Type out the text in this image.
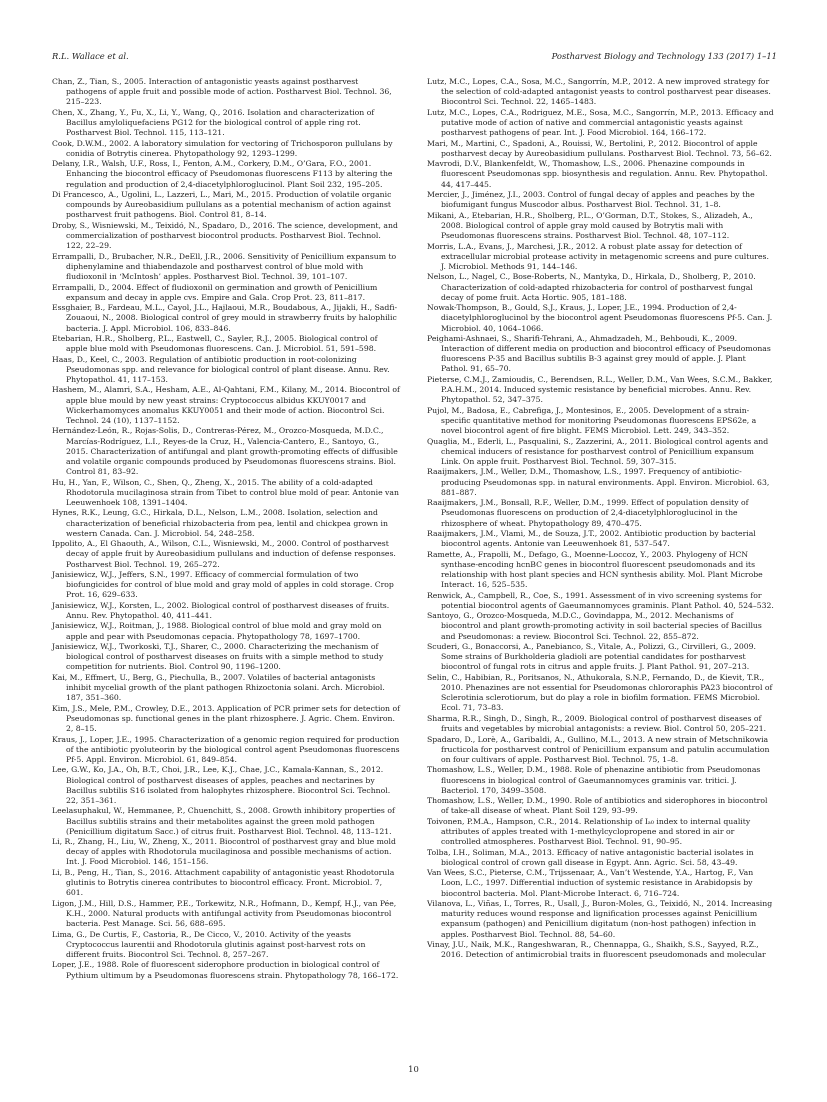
R.L. Wallace et al.	Postharvest Biology and Technology 133 (2017) 1–11

Chan, Z., Tian, S., 2005. Interaction of antagonistic yeasts against postharvest pathogens of apple fruit and possible mode of action. Postharvest Biol. Technol. 36, 215–223.

Chen, X., Zhang, Y., Fu, X., Li, Y., Wang, Q., 2016. Isolation and characterization of Bacillus amyloliquefaciens PG12 for the biological control of apple ring rot. Postharvest Biol. Technol. 115, 113–121.

Cook, D.W.M., 2002. A laboratory simulation for vectoring of Trichosporon pullulans by conidia of Botrytis cinerea. Phytopathology 92, 1293–1299.

Delany, I.R., Walsh, U.F., Ross, I., Fenton, A.M., Corkery, D.M., O’Gara, F.O., 2001. Enhancing the biocontrol efficacy of Pseudomonas fluorescens F113 by altering the regulation and production of 2,4-diacetylphloroglucinol. Plant Soil 232, 195–205.

Di Francesco, A., Ugolini, L., Lazzeri, L., Mari, M., 2015. Production of volatile organic compounds by Aureobasidium pullulans as a potential mechanism of action against postharvest fruit pathogens. Biol. Control 81, 8–14.

Droby, S., Wisniewski, M., Teixidó, N., Spadaro, D., 2016. The science, development, and commercialization of postharvest biocontrol products. Postharvest Biol. Technol. 122, 22–29.

Errampalli, D., Brubacher, N.R., DeEll, J.R., 2006. Sensitivity of Penicillium expansum to diphenylamine and thiabendazole and postharvest control of blue mold with fludioxonil in ‘McIntosh’ apples. Postharvest Biol. Technol. 39, 101–107.

Errampalli, D., 2004. Effect of fludioxonil on germination and growth of Penicillium expansum and decay in apple cvs. Empire and Gala. Crop Prot. 23, 811–817.

Essghaier, B., Fardeau, M.L., Cayol, J.L., Hajlaoui, M.R., Boudabous, A., Jijakli, H., Sadfi-Zouaoui, N., 2008. Biological control of grey mould in strawberry fruits by halophilic bacteria. J. Appl. Microbiol. 106, 833–846.

Etebarian, H.R., Sholberg, P.L., Eastwell, C., Sayler, R.J., 2005. Biological control of apple blue mold with Pseudomonas fluorescens. Can. J. Microbiol. 51, 591–598.

Haas, D., Keel, C., 2003. Regulation of antibiotic production in root-colonizing Pseudomonas spp. and relevance for biological control of plant disease. Annu. Rev. Phytopathol. 41, 117–153.

Hashem, M., Alamri, S.A., Hesham, A.E., Al-Qahtani, F.M., Kilany, M., 2014. Biocontrol of apple blue mould by new yeast strains: Cryptococcus albidus KKUY0017 and Wickerhamomyces anomalus KKUY0051 and their mode of action. Biocontrol Sci. Technol. 24 (10), 1137–1152.

Hernández-León, R., Rojas-Solis, D., Contreras-Pérez, M., Orozco-Mosqueda, M.D.C., Marcías-Rodríguez, L.I., Reyes-de la Cruz, H., Valencia-Cantero, E., Santoyo, G., 2015. Characterization of antifungal and plant growth-promoting effects of diffusible and volatile organic compounds produced by Pseudomonas fluorescens strains. Biol. Control 81, 83–92.

Hu, H., Yan, F., Wilson, C., Shen, Q., Zheng, X., 2015. The ability of a cold-adapted Rhodotorula mucilaginosa strain from Tibet to control blue mold of pear. Antonie van Leeuwenhoek 108, 1391–1404.

Hynes, R.K., Leung, G.C., Hirkala, D.L., Nelson, L.M., 2008. Isolation, selection and characterization of beneficial rhizobacteria from pea, lentil and chickpea grown in western Canada. Can. J. Microbiol. 54, 248–258.

Ippolito, A., El Ghaouth, A., Wilson, C.L., Wisniewski, M., 2000. Control of postharvest decay of apple fruit by Aureobasidium pullulans and induction of defense responses. Postharvest Biol. Technol. 19, 265–272.

Janisiewicz, W.J., Jeffers, S.N., 1997. Efficacy of commercial formulation of two biofungicides for control of blue mold and gray mold of apples in cold storage. Crop Prot. 16, 629–633.

Janisiewicz, W.J., Korsten, L., 2002. Biological control of postharvest diseases of fruits. Annu. Rev. Phytopathol. 40, 411–441.

Janisiewicz, W.J., Roitman, J., 1988. Biological control of blue mold and gray mold on apple and pear with Pseudomonas cepacia. Phytopathology 78, 1697–1700.

Janisiewicz, W.J., Tworkoski, T.J., Sharer, C., 2000. Characterizing the mechanism of biological control of postharvest diseases on fruits with a simple method to study competition for nutrients. Biol. Control 90, 1196–1200.

Kai, M., Effmert, U., Berg, G., Piechulla, B., 2007. Volatiles of bacterial antagonists inhibit mycelial growth of the plant pathogen Rhizoctonia solani. Arch. Microbiol. 187, 351–360.

Kim, J.S., Mele, P.M., Crowley, D.E., 2013. Application of PCR primer sets for detection of Pseudomonas sp. functional genes in the plant rhizosphere. J. Agric. Chem. Environ. 2, 8–15.

Kraus, J., Loper, J.E., 1995. Characterization of a genomic region required for production of the antibiotic pyoluteorin by the biological control agent Pseudomonas fluorescens Pf-5. Appl. Environ. Microbiol. 61, 849–854.

Lee, G.W., Ko, J.A., Oh, B.T., Choi, J.R., Lee, K.J., Chae, J.C., Kamala-Kannan, S., 2012. Biological control of postharvest diseases of apples, peaches and nectarines by Bacillus subtilis S16 isolated from halophytes rhizosphere. Biocontrol Sci. Technol. 22, 351–361.

Leelasuphakul, W., Hemmanee, P., Chuenchitt, S., 2008. Growth inhibitory properties of Bacillus subtilis strains and their metabolites against the green mold pathogen (Penicillium digitatum Sacc.) of citrus fruit. Postharvest Biol. Technol. 48, 113–121.

Li, R., Zhang, H., Liu, W., Zheng, X., 2011. Biocontrol of postharvest gray and blue mold decay of apples with Rhodotorula mucilaginosa and possible mechanisms of action. Int. J. Food Microbiol. 146, 151–156.

Li, B., Peng, H., Tian, S., 2016. Attachment capability of antagonistic yeast Rhodotorula glutinis to Botrytis cinerea contributes to biocontrol efficacy. Front. Microbiol. 7, 601.

Ligon, J.M., Hill, D.S., Hammer, P.E., Torkewitz, N.R., Hofmann, D., Kempf, H.J., van Pée, K.H., 2000. Natural products with antifungal activity from Pseudomonas biocontrol bacteria. Pest Manage. Sci. 56, 688–695.

Lima, G., De Curtis, F., Castoria, R., De Cicco, V., 2010. Activity of the yeasts Cryptococcus laurentii and Rhodotorula glutinis against post-harvest rots on different fruits. Biocontrol Sci. Technol. 8, 257–267.

Loper, J.E., 1988. Role of fluorescent siderophore production in biological control of Pythium ultimum by a Pseudomonas fluorescens strain. Phytopathology 78, 166–172.

Lutz, M.C., Lopes, C.A., Sosa, M.C., Sangorrín, M.P., 2012. A new improved strategy for the selection of cold-adapted antagonist yeasts to control postharvest pear diseases. Biocontrol Sci. Technol. 22, 1465–1483.

Lutz, M.C., Lopes, C.A., Rodriguez, M.E., Sosa, M.C., Sangorrín, M.P., 2013. Efficacy and putative mode of action of native and commercial antagonistic yeasts against postharvest pathogens of pear. Int. J. Food Microbiol. 164, 166–172.

Mari, M., Martini, C., Spadoni, A., Rouissi, W., Bertolini, P., 2012. Biocontrol of apple postharvest decay by Aureobasidium pullulans. Postharvest Biol. Technol. 73, 56–62.

Mavrodi, D.V., Blankenfeldt, W., Thomashow, L.S., 2006. Phenazine compounds in fluorescent Pseudomonas spp. biosynthesis and regulation. Annu. Rev. Phytopathol. 44, 417–445.

Mercier, J., Jiménez, J.I., 2003. Control of fungal decay of apples and peaches by the biofumigant fungus Muscodor albus. Postharvest Biol. Technol. 31, 1–8.

Mikani, A., Etebarian, H.R., Sholberg, P.L., O’Gorman, D.T., Stokes, S., Alizadeh, A., 2008. Biological control of apple gray mold caused by Botrytis mali with Pseudomonas fluorescens strains. Postharvest Biol. Technol. 48, 107–112.

Morris, L.A., Evans, J., Marchesi, J.R., 2012. A robust plate assay for detection of extracellular microbial protease activity in metagenomic screens and pure cultures. J. Microbiol. Methods 91, 144–146.

Nelson, L., Nagel, C., Bose-Roberts, N., Mantyka, D., Hirkala, D., Sholberg, P., 2010. Characterization of cold-adapted rhizobacteria for control of postharvest fungal decay of pome fruit. Acta Hortic. 905, 181–188.

Nowak-Thompson, B., Gould, S.J., Kraus, J., Loper, J.E., 1994. Production of 2,4-diacetylphloroglucinol by the biocontrol agent Pseudomonas fluorescens Pf-5. Can. J. Microbiol. 40, 1064–1066.

Peighami-Ashnaei, S., Sharifi-Tehrani, A., Ahmadzadeh, M., Behboudi, K., 2009. Interaction of different media on production and biocontrol efficacy of Pseudomonas fluorescens P-35 and Bacillus subtilis B-3 against grey mould of apple. J. Plant Pathol. 91, 65–70.

Pieterse, C.M.J., Zamioudis, C., Berendsen, R.L., Weller, D.M., Van Wees, S.C.M., Bakker, P.A.H.M., 2014. Induced systemic resistance by beneficial microbes. Annu. Rev. Phytopathol. 52, 347–375.

Pujol, M., Badosa, E., Cabrefiga, J., Montesinos, E., 2005. Development of a strain-specific quantitative method for monitoring Pseudomonas fluorescens EPS62e, a novel biocontrol agent of fire blight. FEMS Microbiol. Lett. 249, 343–352.

Quaglia, M., Ederli, L., Pasqualini, S., Zazzerini, A., 2011. Biological control agents and chemical inducers of resistance for postharvest control of Penicillium expansum Link. On apple fruit. Postharvest Biol. Technol. 59, 307–315.

Raaijmakers, J.M., Weller, D.M., Thomashow, L.S., 1997. Frequency of antibiotic-producing Pseudomonas spp. in natural environments. Appl. Environ. Microbiol. 63, 881–887.

Raaijmakers, J.M., Bonsall, R.F., Weller, D.M., 1999. Effect of population density of Pseudomonas fluorescens on production of 2,4-diacetylphloroglucinol in the rhizosphere of wheat. Phytopathology 89, 470–475.

Raaijmakers, J.M., Vlami, M., de Souza, J.T., 2002. Antibiotic production by bacterial biocontrol agents. Antonie van Leeuwenhoek 81, 537–547.

Ramette, A., Frapolli, M., Defago, G., Moenne-Loccoz, Y., 2003. Phylogeny of HCN synthase-encoding hcnBC genes in biocontrol fluorescent pseudomonads and its relationship with host plant species and HCN synthesis ability. Mol. Plant Microbe Interact. 16, 525–535.

Renwick, A., Campbell, R., Coe, S., 1991. Assessment of in vivo screening systems for potential biocontrol agents of Gaeumannomyces graminis. Plant Pathol. 40, 524–532.

Santoyo, G., Orozco-Mosqueda, M.D.C., Govindappa, M., 2012. Mechanisms of biocontrol and plant growth-promoting activity in soil bacterial species of Bacillus and Pseudomonas: a review. Biocontrol Sci. Technol. 22, 855–872.

Scuderi, G., Bonaccorsi, A., Panebianco, S., Vitale, A., Polizzi, G., Cirvilleri, G., 2009. Some strains of Burkholderia gladioli are potential candidates for postharvest biocontrol of fungal rots in citrus and apple fruits. J. Plant Pathol. 91, 207–213.

Selin, C., Habibian, R., Poritsanos, N., Athukorala, S.N.P., Fernando, D., de Kievit, T.R., 2010. Phenazines are not essential for Pseudomonas chlororaphis PA23 biocontrol of Sclerotinia sclerotiorum, but do play a role in biofilm formation. FEMS Microbiol. Ecol. 71, 73–83.

Sharma, R.R., Singh, D., Singh, R., 2009. Biological control of postharvest diseases of fruits and vegetables by microbial antagonists: a review. Biol. Control 50, 205–221.

Spadaro, D., Lorè, A., Garibaldi, A., Gullino, M.L., 2013. A new strain of Metschnikowia fructicola for postharvest control of Penicillium expansum and patulin accumulation on four cultivars of apple. Postharvest Biol. Technol. 75, 1–8.

Thomashow, L.S., Weller, D.M., 1988. Role of phenazine antibiotic from Pseudomonas fluorescens in biological control of Gaeumannomyces graminis var. tritici. J. Bacteriol. 170, 3499–3508.

Thomashow, L.S., Weller, D.M., 1990. Role of antibiotics and siderophores in biocontrol of take-all disease of wheat. Plant Soil 129, 93–99.

Toivonen, P.M.A., Hampson, C.R., 2014. Relationship of Iₐ₀ index to internal quality attributes of apples treated with 1-methylcyclopropene and stored in air or controlled atmospheres. Postharvest Biol. Technol. 91, 90–95.

Tolba, I.H., Soliman, M.A., 2013. Efficacy of native antagonistic bacterial isolates in biological control of crown gall disease in Egypt. Ann. Agric. Sci. 58, 43–49.

Van Wees, S.C., Pieterse, C.M., Trijssenaar, A., Van’t Westende, Y.A., Hartog, F., Van Loon, L.C., 1997. Differential induction of systemic resistance in Arabidopsis by biocontrol bacteria. Mol. Plant-Microbe Interact. 6, 716–724.

Vilanova, L., Viñas, I., Torres, R., Usall, J., Buron-Moles, G., Teixidó, N., 2014. Increasing maturity reduces wound response and lignification processes against Penicillium expansum (pathogen) and Penicillium digitatum (non-host pathogen) infection in apples. Postharvest Biol. Technol. 88, 54–60.

Vinay, J.U., Naik, M.K., Rangeshwaran, R., Chennappa, G., Shaikh, S.S., Sayyed, R.Z., 2016. Detection of antimicrobial traits in fluorescent pseudomonads and molecular

10
